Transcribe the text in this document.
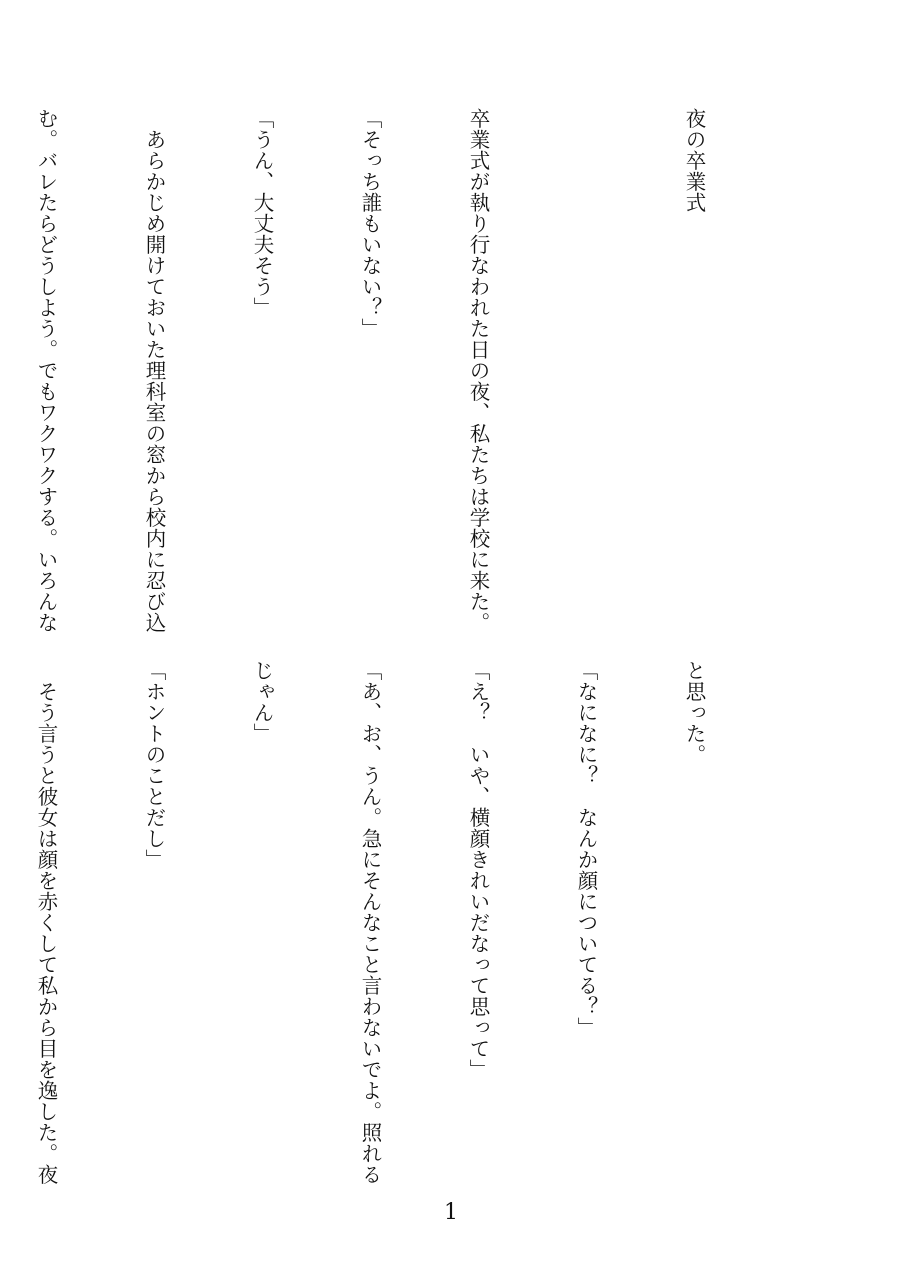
夜の卒業式

卒業式が執り行なわれた日の夜、私たちは学校に来た。

「そっち誰もいない？」

「うん、大丈夫そう」

　あらかじめ開けておいた理科室の窓から校内に忍び込

む。バレたらどうしよう。でもワクワクする。いろんな

と思った。

「なになに？　なんか顔についてる？」

「え？　いや、横顔きれいだなって思って」

「あ、お、うん。急にそんなこと言わないでよ。照れる

じゃん」

「ホントのことだし」

　そう言うと彼女は顔を赤くして私から目を逸した。夜

1
